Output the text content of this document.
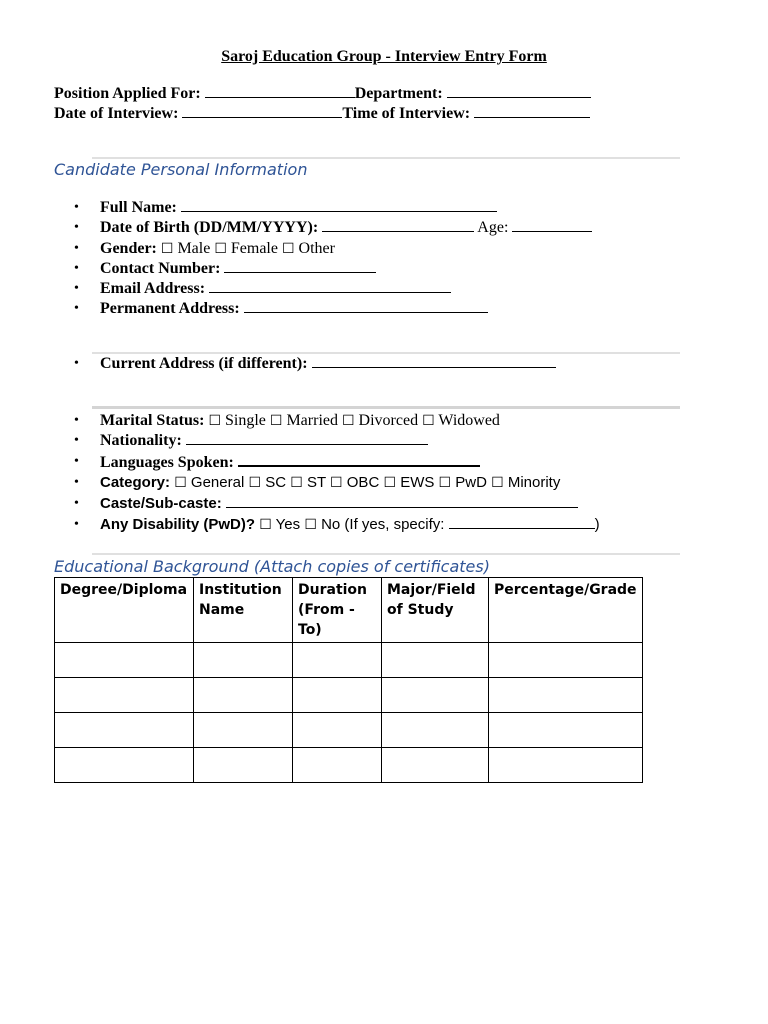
Saroj Education Group - Interview Entry Form
Position Applied For:	Department:
Date of Interview:	Time of Interview:
Candidate Personal Information
• Full Name:
• Date of Birth (DD/MM/YYYY):	Age:
• Gender: ☐ Male ☐ Female ☐ Other
• Contact Number:
• Email Address:
• Permanent Address:
• Current Address (if different):
• Marital Status: ☐ Single ☐ Married ☐ Divorced ☐ Widowed
• Nationality:
• Languages Spoken:
• Category: ☐ General ☐ SC ☐ ST ☐ OBC ☐ EWS ☐ PwD ☐ Minority
• Caste/Sub-caste:
• Any Disability (PwD)? ☐ Yes ☐ No (If yes, specify:	)
Educational Background (Attach copies of certificates)
Degree/Diploma	Institution Name	Duration (From - To)	Major/Field of Study	Percentage/Grade
